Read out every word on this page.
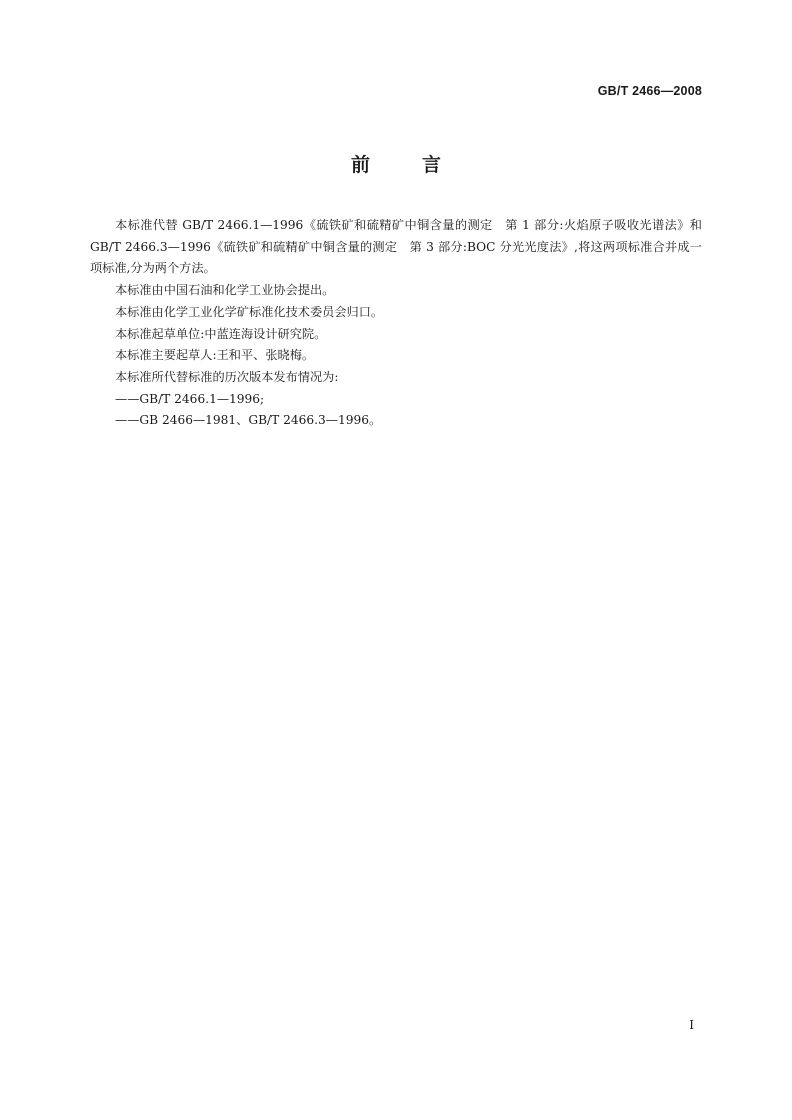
GB/T 2466—2008
前言

本标准代替 GB/T 2466.1—1996《硫铁矿和硫精矿中铜含量的测定　第 1 部分:火焰原子吸收光谱法》和 GB/T 2466.3—1996《硫铁矿和硫精矿中铜含量的测定　第 3 部分:BOC 分光光度法》,将这两项标准合并成一项标准,分为两个方法。

本标准由中国石油和化学工业协会提出。

本标准由化学工业化学矿标准化技术委员会归口。

本标准起草单位:中蓝连海设计研究院。

本标准主要起草人:王和平、张晓梅。

本标准所代替标准的历次版本发布情况为:

——GB/T 2466.1—1996;

——GB 2466—1981、GB/T 2466.3—1996。

I
